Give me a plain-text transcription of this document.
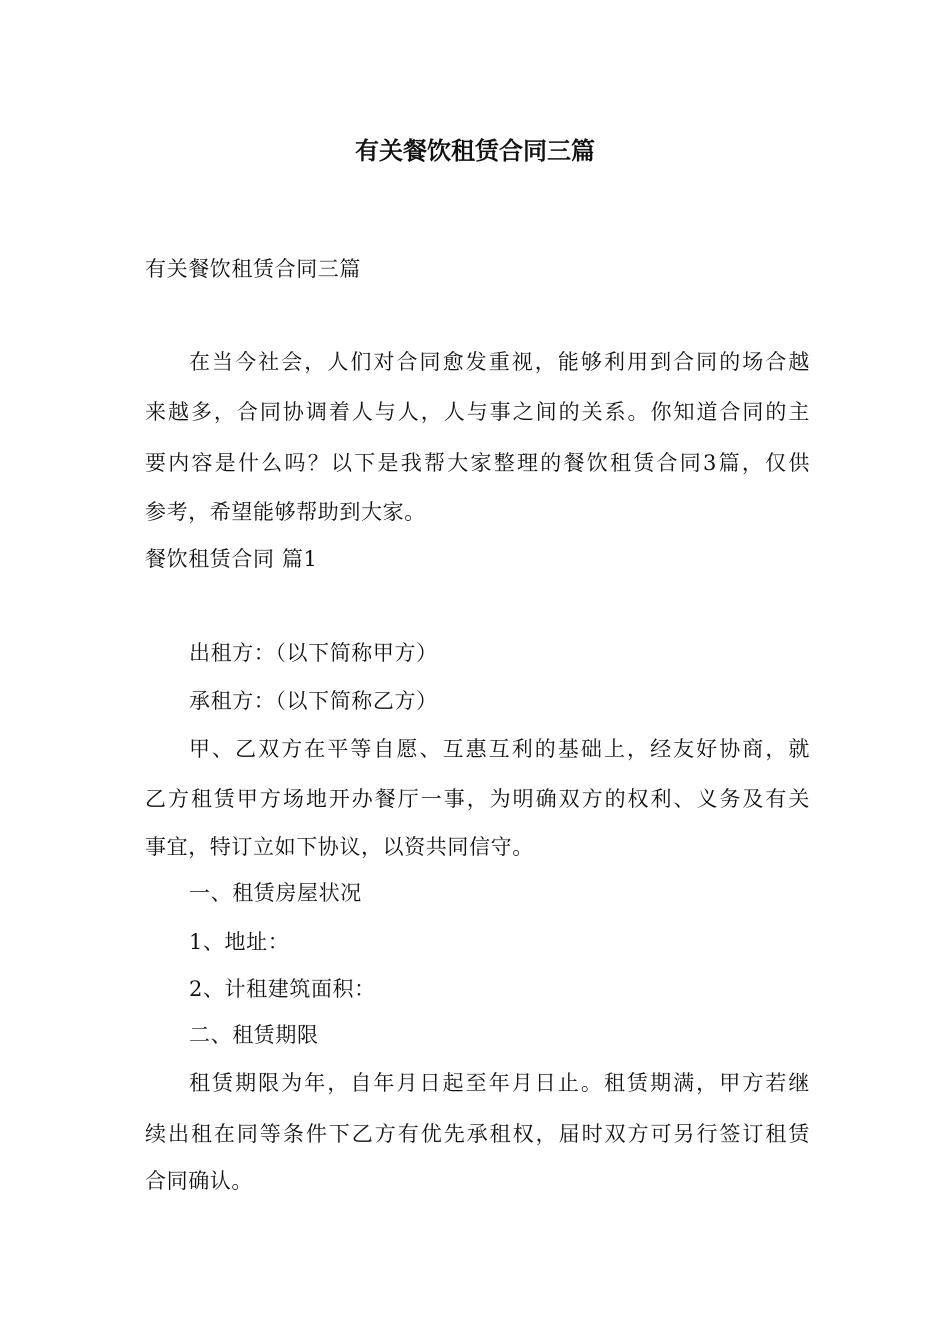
有关餐饮租赁合同三篇
有关餐饮租赁合同三篇
在当今社会，人们对合同愈发重视，能够利用到合同的场合越
来越多，合同协调着人与人，人与事之间的关系。你知道合同的主
要内容是什么吗？以下是我帮大家整理的餐饮租赁合同3篇，仅供
参考，希望能够帮助到大家。
餐饮租赁合同 篇1
出租方：（以下简称甲方）
承租方：（以下简称乙方）
甲、乙双方在平等自愿、互惠互利的基础上，经友好协商，就
乙方租赁甲方场地开办餐厅一事，为明确双方的权利、义务及有关
事宜，特订立如下协议，以资共同信守。
一、租赁房屋状况
1、地址：
2、计租建筑面积：
二、租赁期限
租赁期限为年，自年月日起至年月日止。租赁期满，甲方若继
续出租在同等条件下乙方有优先承租权，届时双方可另行签订租赁
合同确认。
